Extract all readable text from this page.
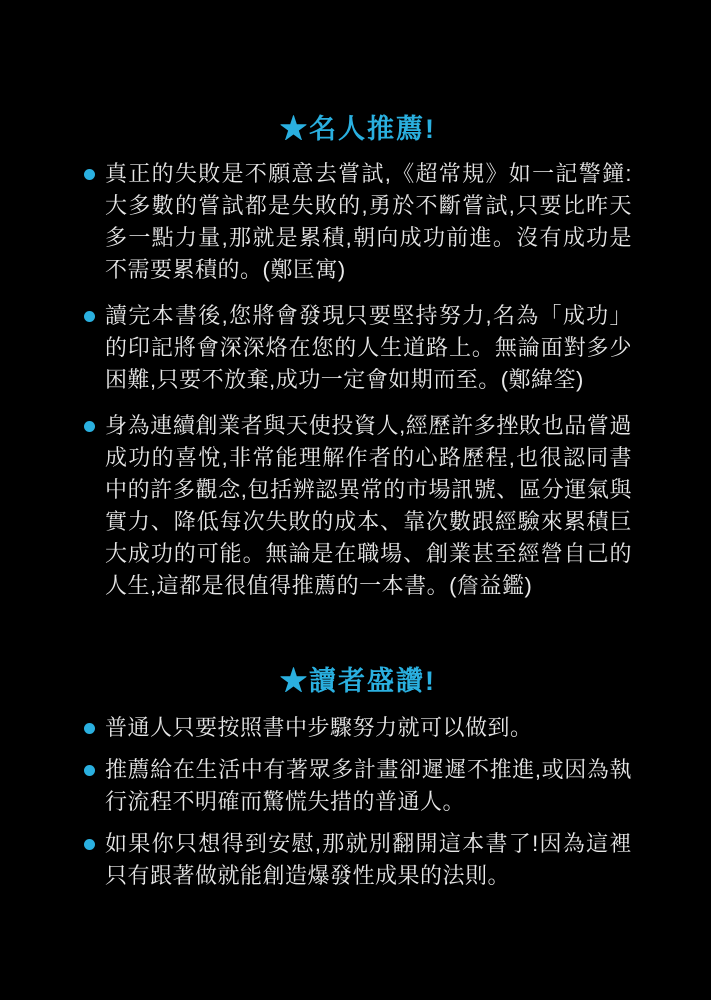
★名人推薦!

真正的失敗是不願意去嘗試,《超常規》如一記警鐘:大多數的嘗試都是失敗的,勇於不斷嘗試,只要比昨天多一點力量,那就是累積,朝向成功前進。沒有成功是不需要累積的。(鄭匡寓)

讀完本書後,您將會發現只要堅持努力,名為「成功」的印記將會深深烙在您的人生道路上。無論面對多少困難,只要不放棄,成功一定會如期而至。(鄭緯筌)

身為連續創業者與天使投資人,經歷許多挫敗也品嘗過成功的喜悅,非常能理解作者的心路歷程,也很認同書中的許多觀念,包括辨認異常的市場訊號、區分運氣與實力、降低每次失敗的成本、靠次數跟經驗來累積巨大成功的可能。無論是在職場、創業甚至經營自己的人生,這都是很值得推薦的一本書。(詹益鑑)

★讀者盛讚!

普通人只要按照書中步驟努力就可以做到。

推薦給在生活中有著眾多計畫卻遲遲不推進,或因為執行流程不明確而驚慌失措的普通人。

如果你只想得到安慰,那就別翻開這本書了!因為這裡只有跟著做就能創造爆發性成果的法則。
